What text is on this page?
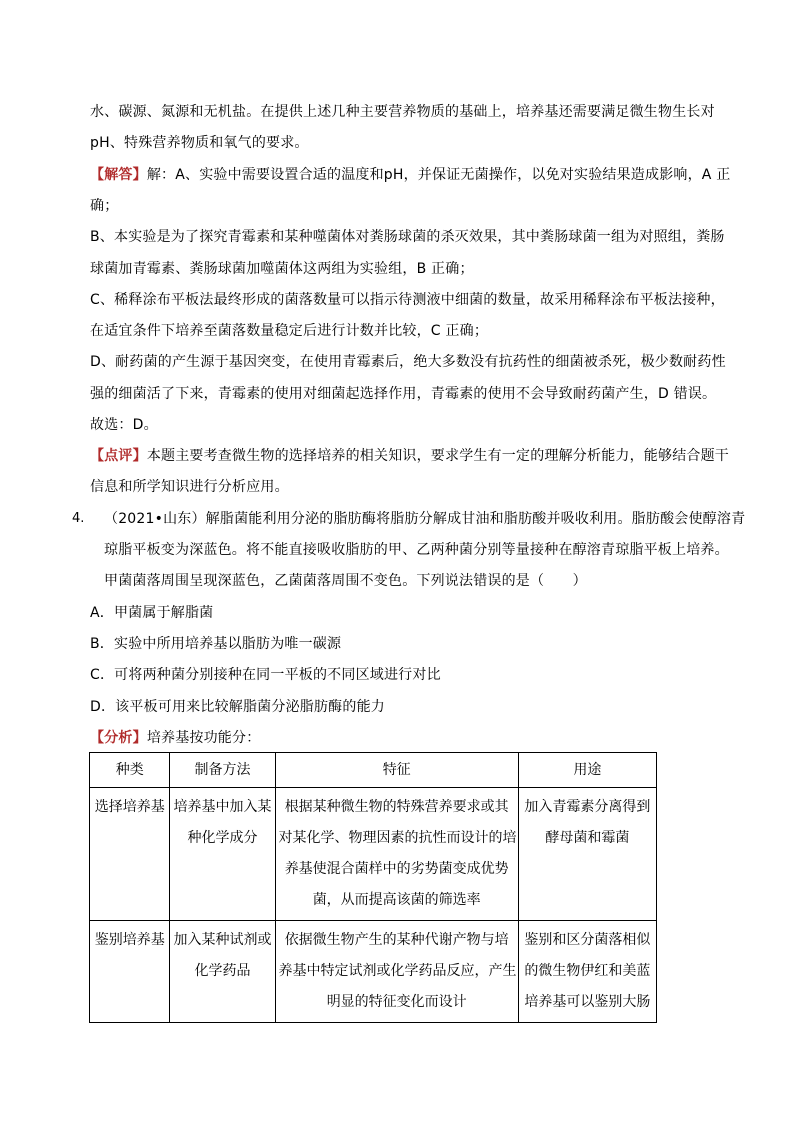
水、碳源、氮源和无机盐。在提供上述几种主要营养物质的基础上，培养基还需要满足微生物生长对
pH、特殊营养物质和氧气的要求。
【解答】解：A、实验中需要设置合适的温度和pH，并保证无菌操作，以免对实验结果造成影响，A 正
确；
B、本实验是为了探究青霉素和某种噬菌体对粪肠球菌的杀灭效果，其中粪肠球菌一组为对照组，粪肠
球菌加青霉素、粪肠球菌加噬菌体这两组为实验组，B 正确；
C、稀释涂布平板法最终形成的菌落数量可以指示待测液中细菌的数量，故采用稀释涂布平板法接种，
在适宜条件下培养至菌落数量稳定后进行计数并比较，C 正确；
D、耐药菌的产生源于基因突变，在使用青霉素后，绝大多数没有抗药性的细菌被杀死，极少数耐药性
强的细菌活了下来，青霉素的使用对细菌起选择作用，青霉素的使用不会导致耐药菌产生，D 错误。
故选：D。
【点评】本题主要考查微生物的选择培养的相关知识，要求学生有一定的理解分析能力，能够结合题干
信息和所学知识进行分析应用。
4. （2021•山东）解脂菌能利用分泌的脂肪酶将脂肪分解成甘油和脂肪酸并吸收利用。脂肪酸会使醇溶青
琼脂平板变为深蓝色。将不能直接吸收脂肪的甲、乙两种菌分别等量接种在醇溶青琼脂平板上培养。
甲菌菌落周围呈现深蓝色，乙菌菌落周围不变色。下列说法错误的是（　　）
A．甲菌属于解脂菌
B．实验中所用培养基以脂肪为唯一碳源
C．可将两种菌分别接种在同一平板的不同区域进行对比
D．该平板可用来比较解脂菌分泌脂肪酶的能力
【分析】培养基按功能分：
种类	制备方法	特征	用途
选择培养基	培养基中加入某
种化学成分	根据某种微生物的特殊营养要求或其
对某化学、物理因素的抗性而设计的培
养基使混合菌样中的劣势菌变成优势
菌，从而提高该菌的筛选率	加入青霉素分离得到
酵母菌和霉菌

鉴别培养基	加入某种试剂或
化学药品	依据微生物产生的某种代谢产物与培
养基中特定试剂或化学药品反应，产生
明显的特征变化而设计	鉴别和区分菌落相似
的微生物伊红和美蓝
培养基可以鉴别大肠
